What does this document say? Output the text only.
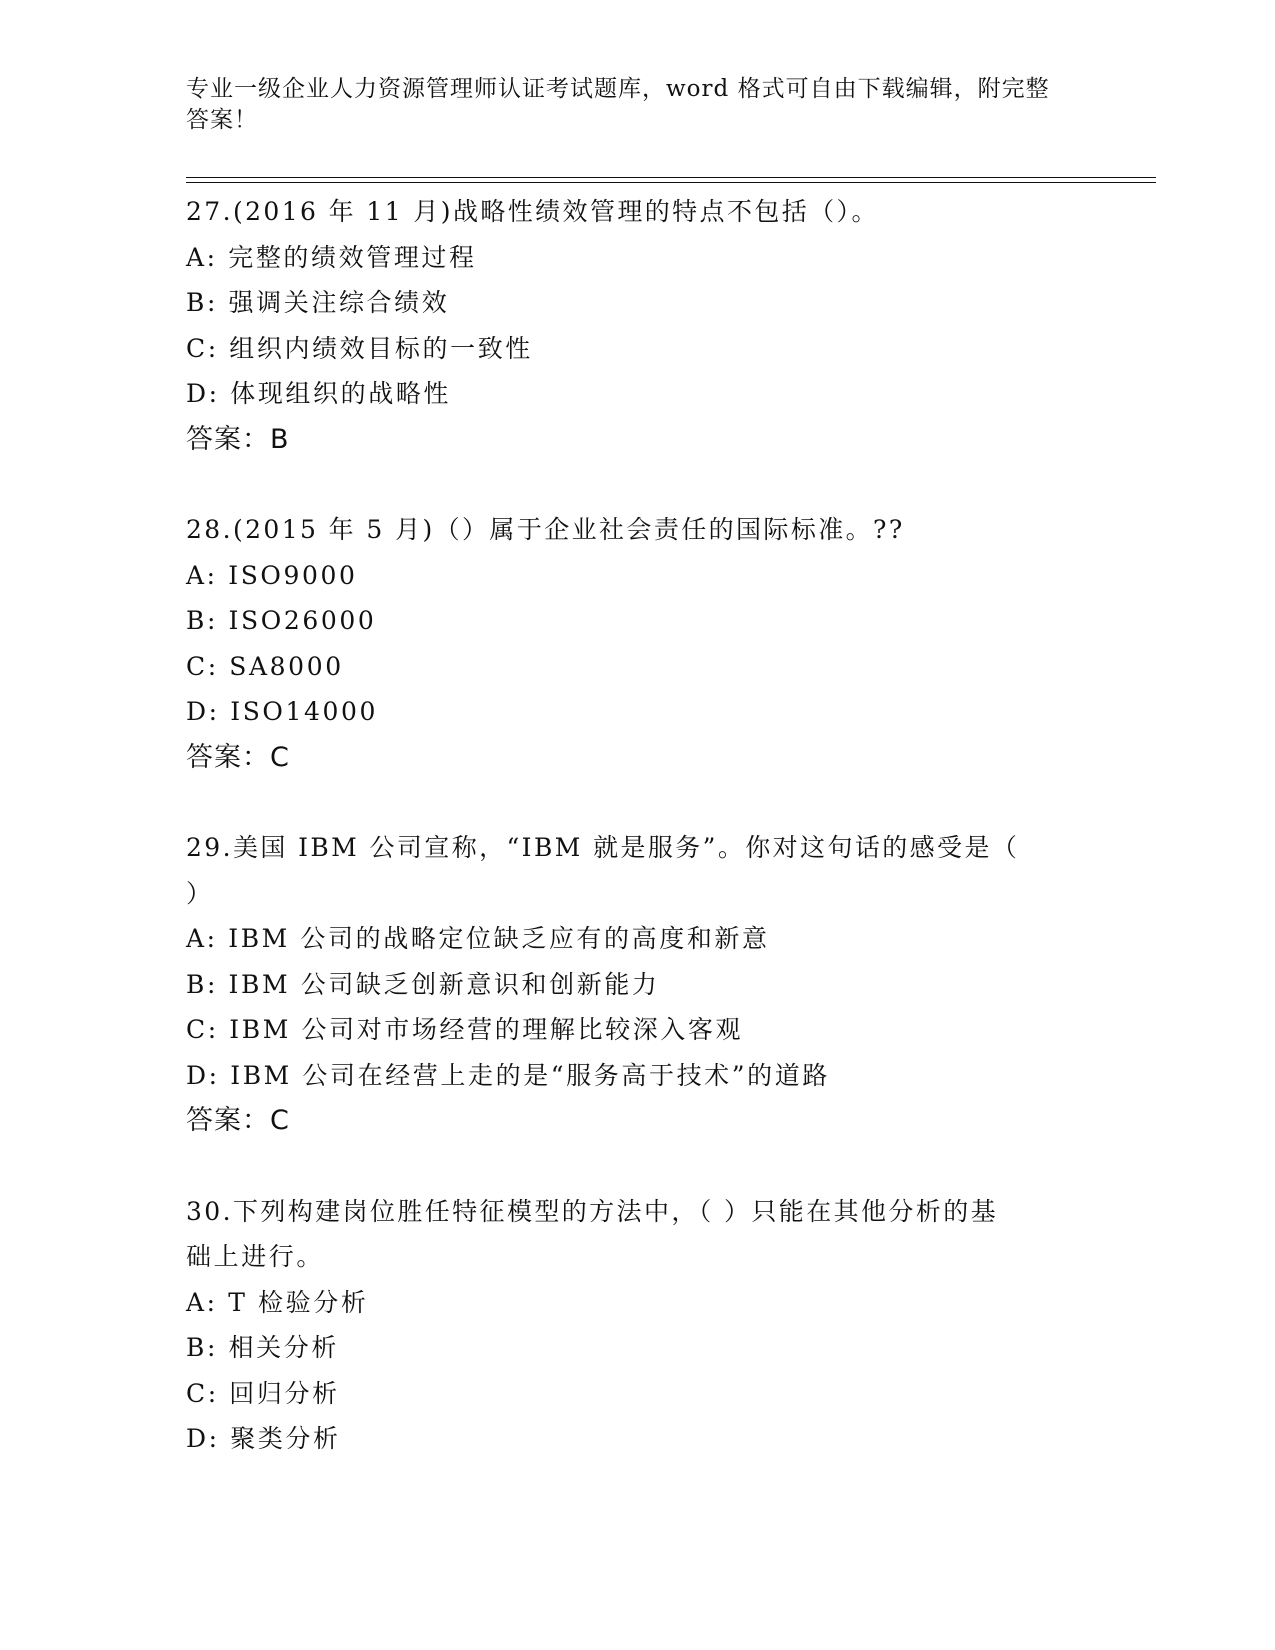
专业一级企业人力资源管理师认证考试题库，word 格式可自由下载编辑，附完整
答案！
27.(2016 年 11 月)战略性绩效管理的特点不包括（）。
A: 完整的绩效管理过程
B: 强调关注综合绩效
C: 组织内绩效目标的一致性
D: 体现组织的战略性
答案：B
28.(2015 年 5 月)（）属于企业社会责任的国际标准。??
A: ISO9000
B: ISO26000
C: SA8000
D: ISO14000
答案：C
29.美国 IBM 公司宣称，“IBM 就是服务”。你对这句话的感受是（
）
A: IBM 公司的战略定位缺乏应有的高度和新意
B: IBM 公司缺乏创新意识和创新能力
C: IBM 公司对市场经营的理解比较深入客观
D: IBM 公司在经营上走的是“服务高于技术”的道路
答案：C
30.下列构建岗位胜任特征模型的方法中，（ ）只能在其他分析的基
础上进行。
A: T 检验分析
B: 相关分析
C: 回归分析
D: 聚类分析
